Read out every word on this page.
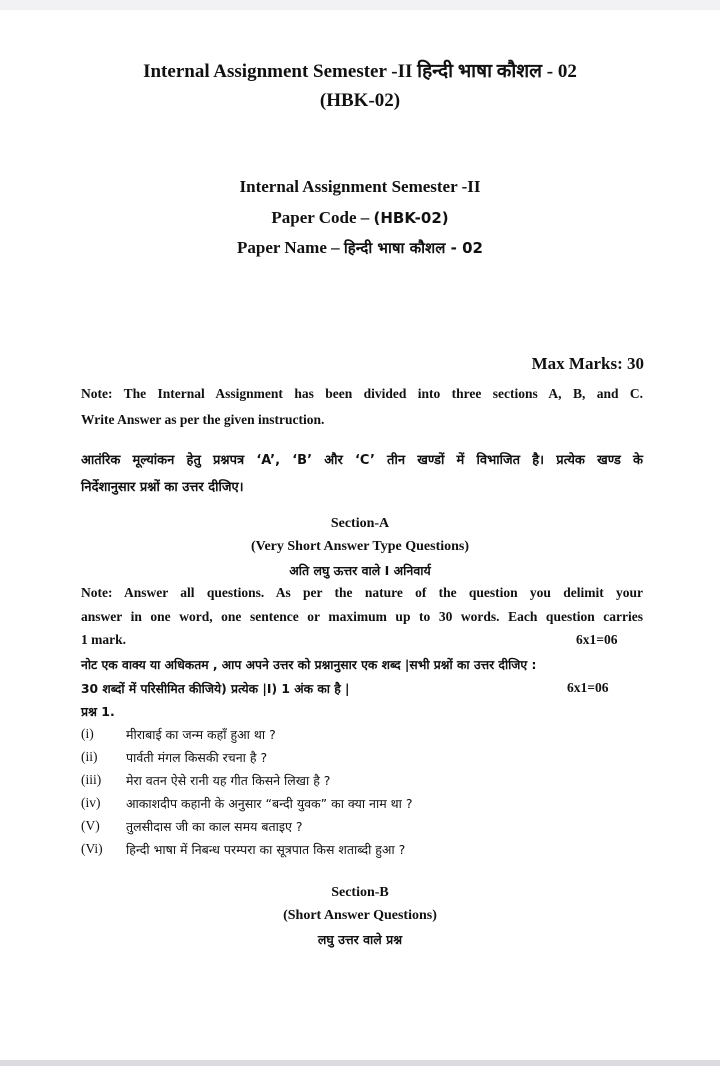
Internal Assignment Semester -II हिन्दी भाषा कौशल - 02
(HBK-02)
Internal Assignment Semester -II
Paper Code – (HBK-02)
Paper Name – हिन्दी भाषा कौशल - 02
Max Marks: 30
Note: The Internal Assignment has been divided into three sections A, B, and C.
Write Answer as per the given instruction.
आतंरिक मूल्यांकन हेतु प्रश्नपत्र ‘A’, ‘B’ और ‘C’ तीन खण्डों में विभाजित है। प्रत्येक खण्ड के
निर्देशानुसार प्रश्नों का उत्तर दीजिए।
Section-A
(Very Short Answer Type Questions)
अति लघु ऊत्तर वाले I अनिवार्य
Note: Answer all questions. As per the nature of the question you delimit your
answer in one word, one sentence or maximum up to 30 words. Each question carries
1 mark.	6x1=06
नोट एक वाक्य या अधिकतम , आप अपने उत्तर को प्रश्नानुसार एक शब्द |सभी प्रश्नों का उत्तर दीजिए :
30 शब्दों में परिसीमित कीजिये) प्रत्येक |I) 1 अंक का है |	6x1=06
प्रश्न 1.
(i)	मीराबाई का जन्म कहाँ हुआ था ?
(ii) पार्वती मंगल किसकी रचना है ?
(iii) मेरा वतन ऐसे रानी यह गीत किसने लिखा है ?
(iv) आकाशदीप कहानी के अनुसार “बन्दी युवक” का क्या नाम था ?
(V) तुलसीदास जी का काल समय बताइए ?
(Vi) हिन्दी भाषा में निबन्ध परम्परा का सूत्रपात किस शताब्दी हुआ ?
Section-B
(Short Answer Questions)
लघु उत्तर वाले प्रश्न
